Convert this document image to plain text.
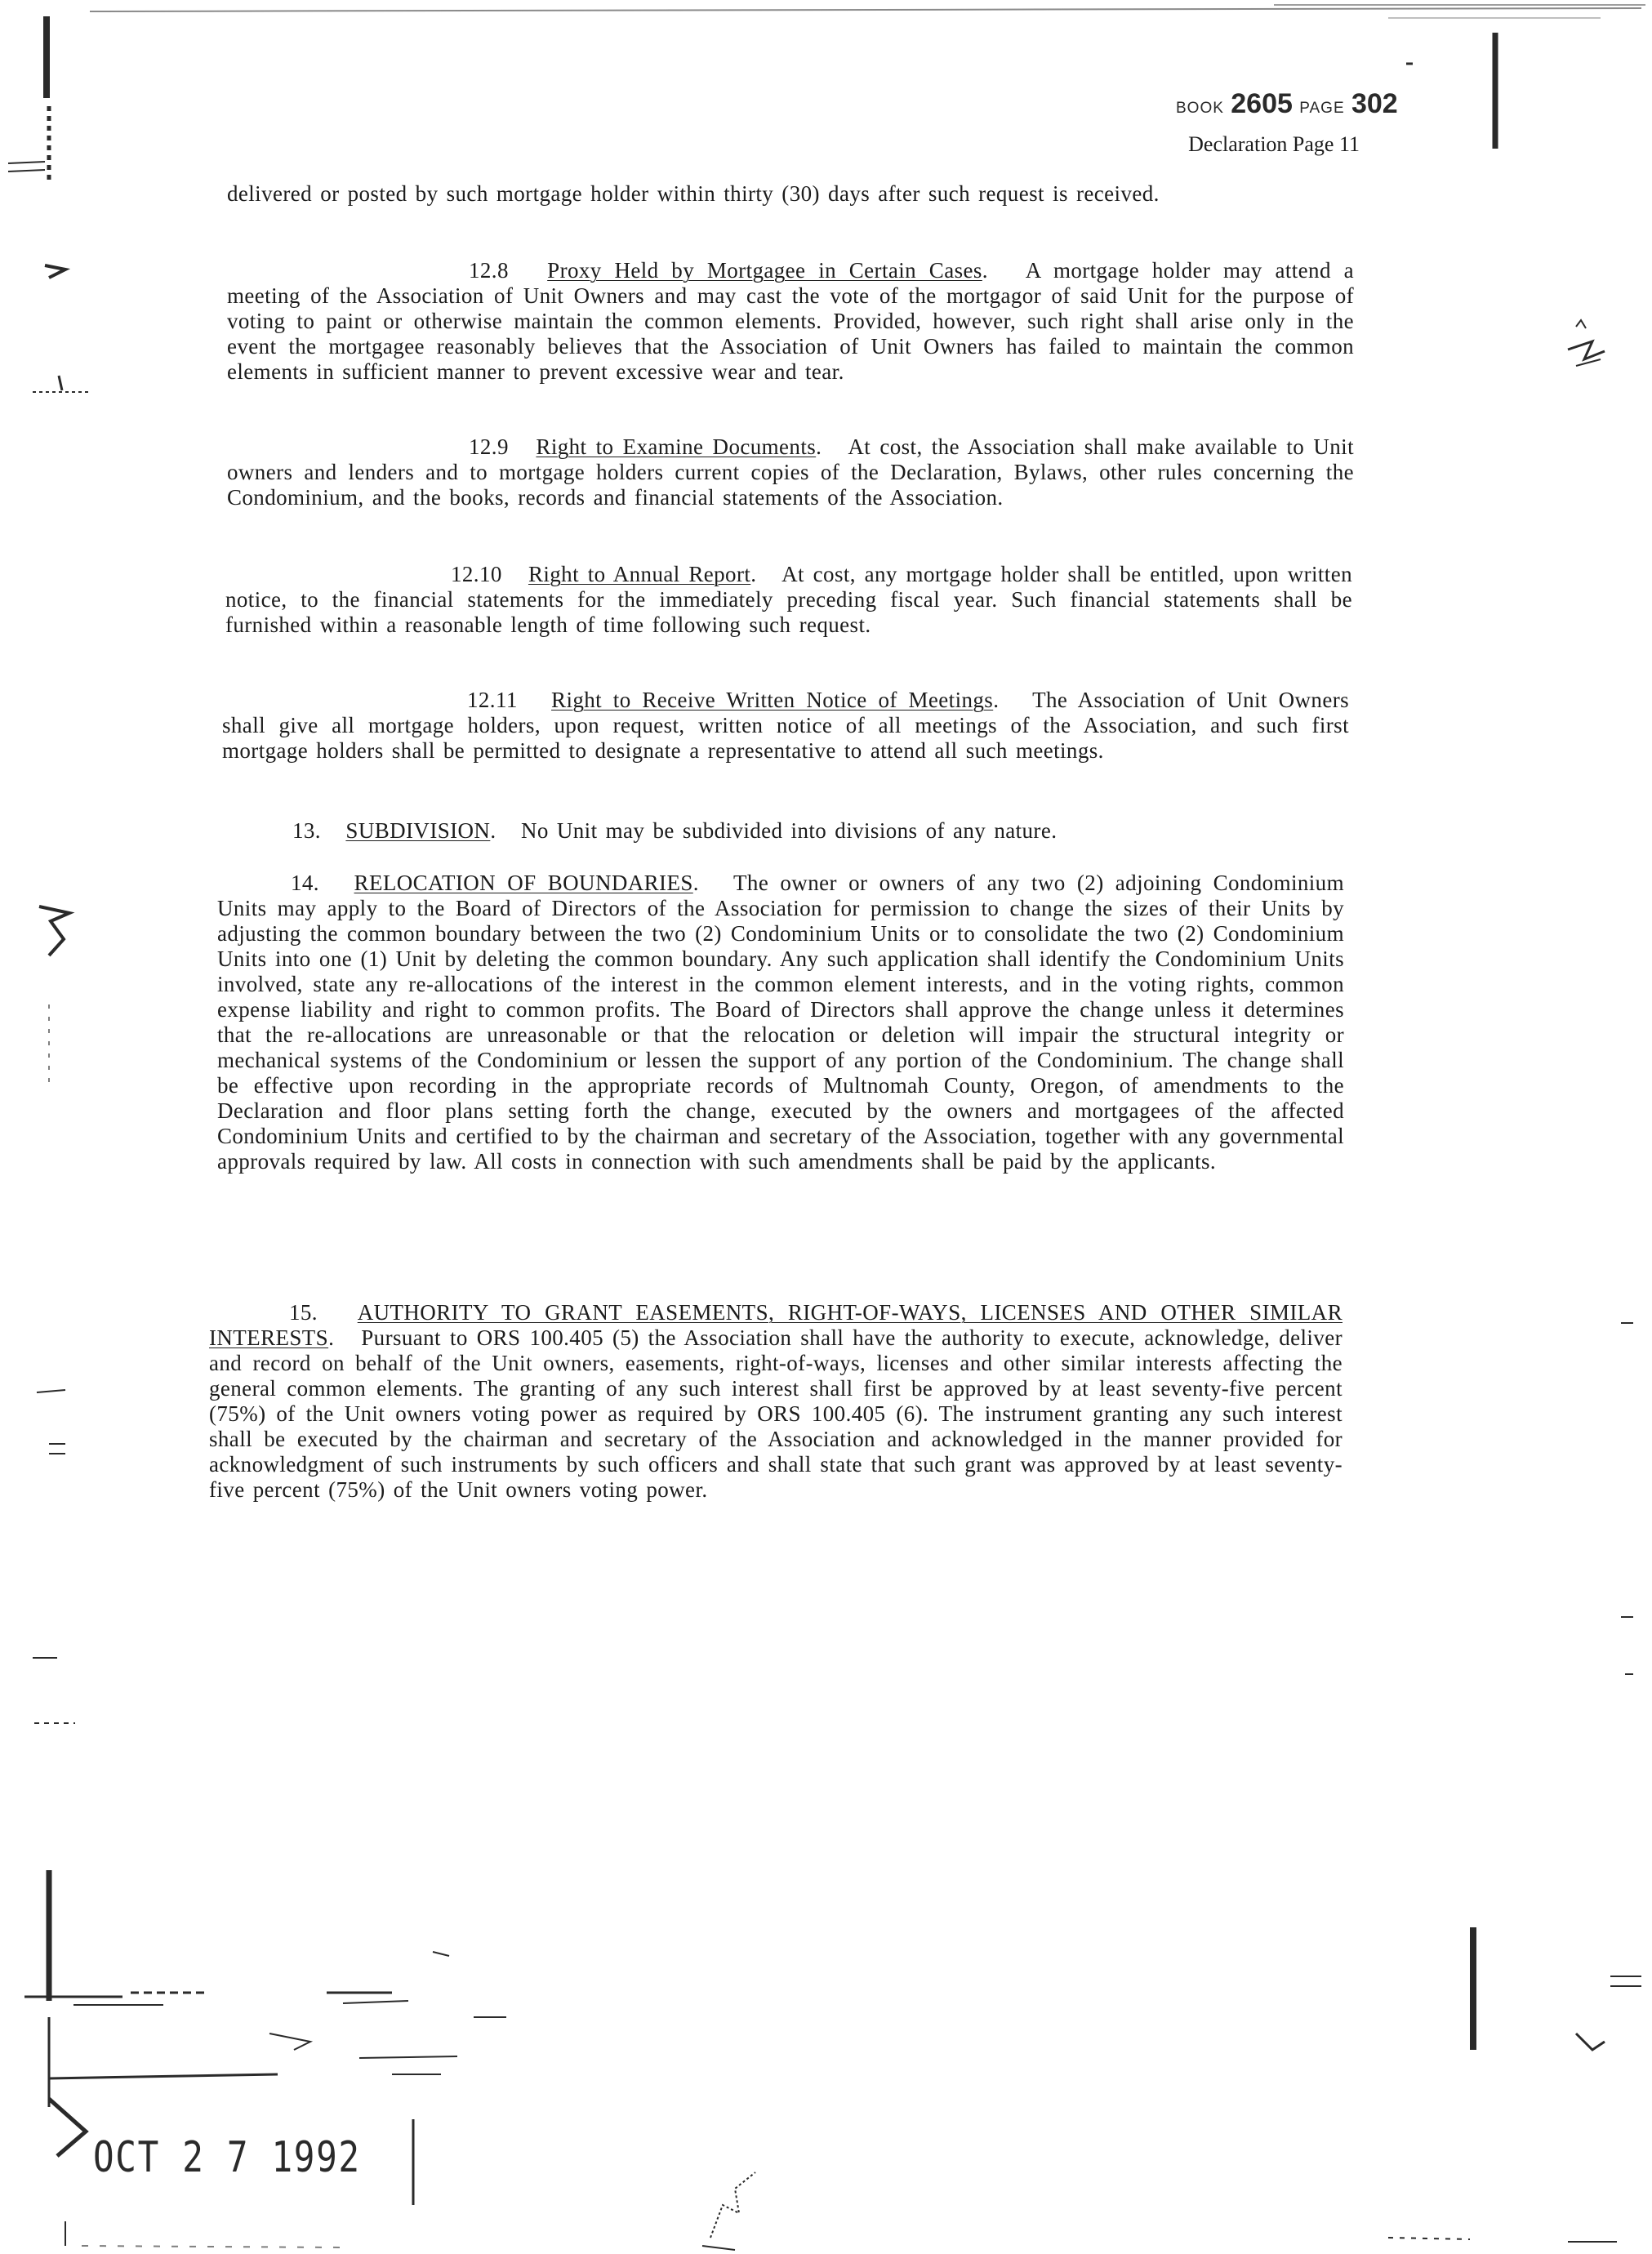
BOOK 2605 PAGE 302
Declaration Page 11
delivered or posted by such mortgage holder within thirty (30) days after such request is received.
12.8 Proxy Held by Mortgagee in Certain Cases.   A mortgage holder may attend a meeting of the Association of Unit Owners and may cast the vote of the mortgagor of said Unit for the purpose of voting to paint or otherwise maintain the common elements. Provided, however, such right shall arise only in the event the mortgagee reasonably believes that the Association of Unit Owners has failed to maintain the common elements in sufficient manner to prevent excessive wear and tear.
12.9 Right to Examine Documents.   At cost, the Association shall make available to Unit owners and lenders and to mortgage holders current copies of the Declaration, Bylaws, other rules concerning the Condominium, and the books, records and financial statements of the Association.
12.10 Right to Annual Report.   At cost, any mortgage holder shall be entitled, upon written notice, to the financial statements for the immediately preceding fiscal year. Such financial statements shall be furnished within a reasonable length of time following such request.
12.11 Right to Receive Written Notice of Meetings.   The Association of Unit Owners shall give all mortgage holders, upon request, written notice of all meetings of the Association, and such first mortgage holders shall be permitted to designate a representative to attend all such meetings.
13. SUBDIVISION.   No Unit may be subdivided into divisions of any nature.
14. RELOCATION OF BOUNDARIES.   The owner or owners of any two (2) adjoining Condominium Units may apply to the Board of Directors of the Association for permission to change the sizes of their Units by adjusting the common boundary between the two (2) Condominium Units or to consolidate the two (2) Condominium Units into one (1) Unit by deleting the common boundary. Any such application shall identify the Condominium Units involved, state any re-allocations of the interest in the common element interests, and in the voting rights, common expense liability and right to common profits. The Board of Directors shall approve the change unless it determines that the re-allocations are unreasonable or that the relocation or deletion will impair the structural integrity or mechanical systems of the Condominium or lessen the support of any portion of the Condominium. The change shall be effective upon recording in the appropriate records of Multnomah County, Oregon, of amendments to the Declaration and floor plans setting forth the change, executed by the owners and mortgagees of the affected Condominium Units and certified to by the chairman and secretary of the Association, together with any governmental approvals required by law. All costs in connection with such amendments shall be paid by the applicants.
15. AUTHORITY TO GRANT EASEMENTS, RIGHT-OF-WAYS, LICENSES AND OTHER SIMILAR INTERESTS.   Pursuant to ORS 100.405 (5) the Association shall have the authority to execute, acknowledge, deliver and record on behalf of the Unit owners, easements, right-of-ways, licenses and other similar interests affecting the general common elements. The granting of any such interest shall first be approved by at least seventy-five percent (75%) of the Unit owners voting power as required by ORS 100.405 (6). The instrument granting any such interest shall be executed by the chairman and secretary of the Association and acknowledged in the manner provided for acknowledgment of such instruments by such officers and shall state that such grant was approved by at least seventy-five percent (75%) of the Unit owners voting power.
OCT 2 7 1992
